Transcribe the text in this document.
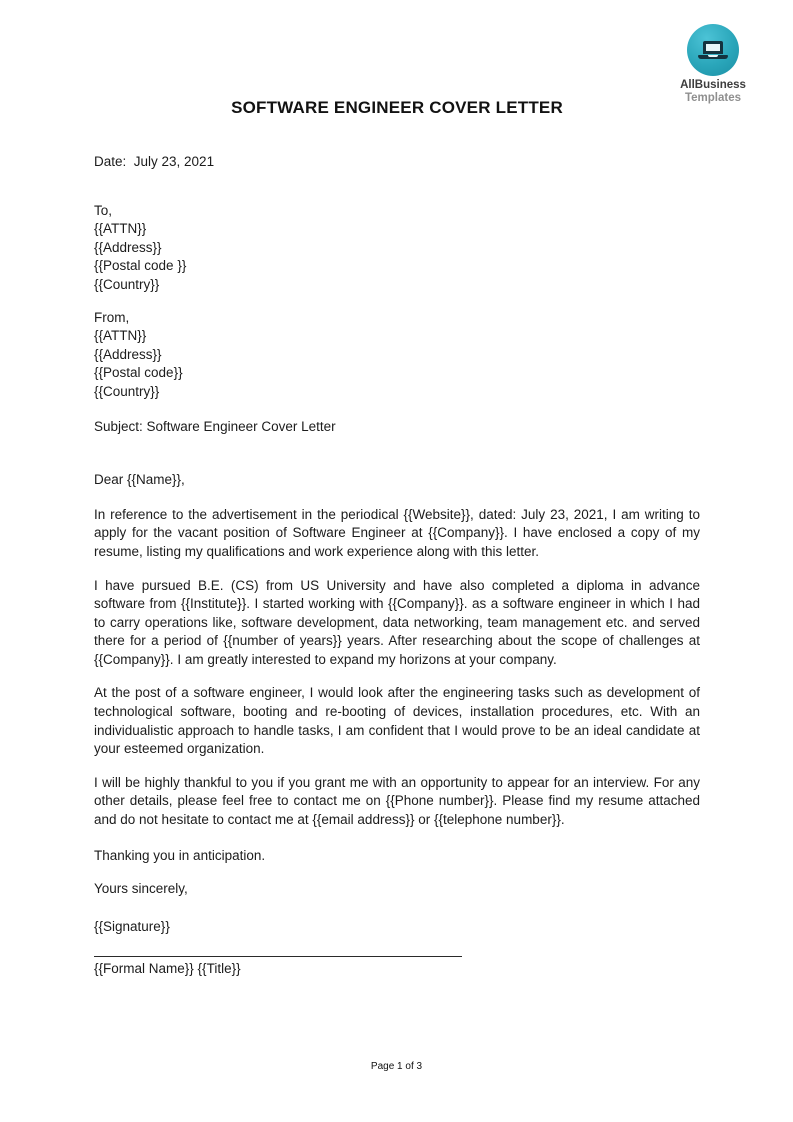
AllBusiness
Templates
SOFTWARE ENGINEER COVER LETTER
Date:  July 23, 2021
To,
{{ATTN}}
{{Address}}
{{Postal code }}
{{Country}}
From,
{{ATTN}}
{{Address}}
{{Postal code}}
{{Country}}
Subject: Software Engineer Cover Letter
Dear {{Name}},

In reference to the advertisement in the periodical {{Website}}, dated: July 23, 2021, I am writing to apply for the vacant position of Software Engineer at {{Company}}. I have enclosed a copy of my resume, listing my qualifications and work experience along with this letter.

I have pursued B.E. (CS) from US University and have also completed a diploma in advance software from {{Institute}}. I started working with {{Company}}. as a software engineer in which I had to carry operations like, software development, data networking, team management etc. and served there for a period of {{number of years}} years. After researching about the scope of challenges at {{Company}}. I am greatly interested to expand my horizons at your company.

At the post of a software engineer, I would look after the engineering tasks such as development of technological software, booting and re-booting of devices, installation procedures, etc. With an individualistic approach to handle tasks, I am confident that I would prove to be an ideal candidate at your esteemed organization.

I will be highly thankful to you if you grant me with an opportunity to appear for an interview. For any other details, please feel free to contact me on {{Phone number}}. Please find my resume attached and do not hesitate to contact me at {{email address}} or {{telephone number}}.

Thanking you in anticipation.
Yours sincerely,
{{Signature}}
{{Formal Name}} {{Title}}
Page 1 of 3
